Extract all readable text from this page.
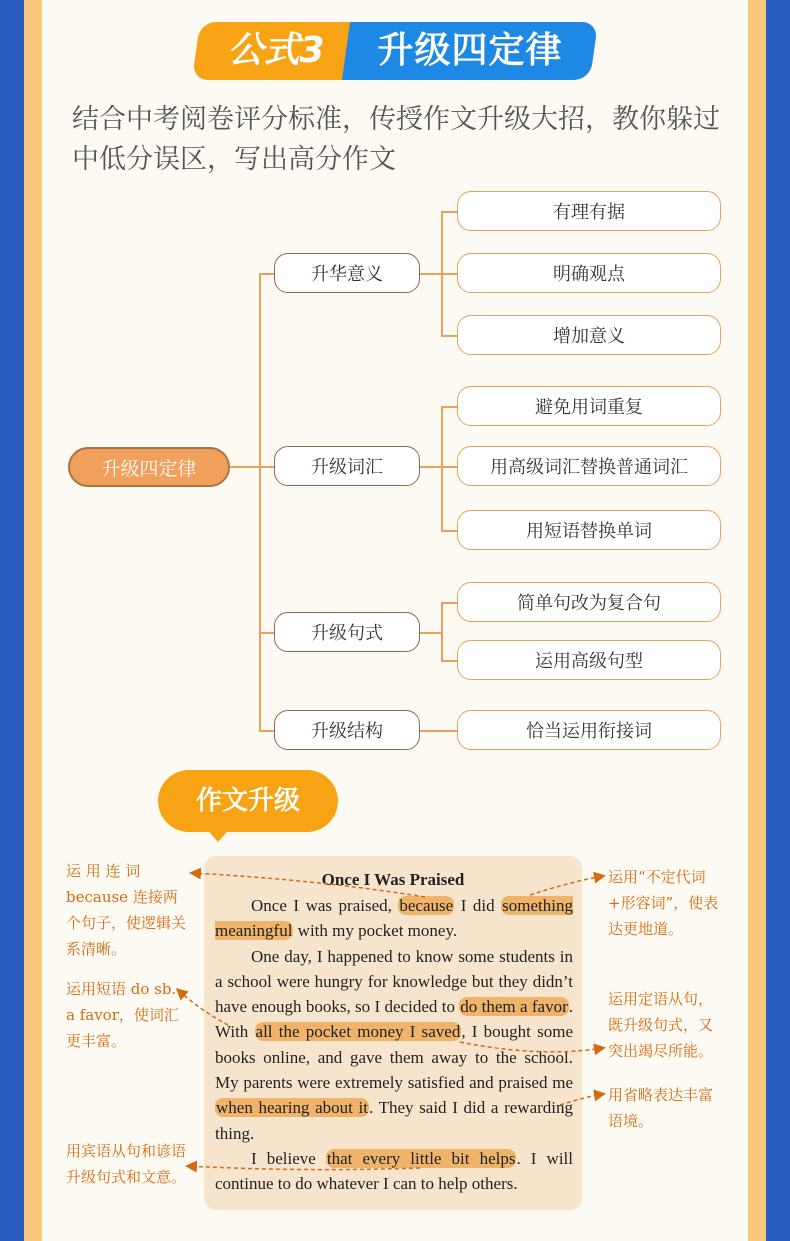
公式3	升级四定律
结合中考阅卷评分标准，传授作文升级大招，教你躲过中低分误区，写出高分作文
升级四定律
升华意义
有理有据
明确观点
增加意义
升级词汇
避免用词重复
用高级词汇替换普通词汇
用短语替换单词
升级句式
简单句改为复合句
运用高级句型
升级结构	恰当运用衔接词
作文升级
Once I Was Praised

Once I was praised, because I did something meaningful with my pocket money.

One day, I happened to know some students in a school were hungry for knowledge but they didn’t have enough books, so I decided to do them a favor. With all the pocket money I saved, I bought some books online, and gave them away to the school. My parents were extremely satisfied and praised me when hearing about it. They said I did a rewarding thing.

I believe that every little bit helps. I will continue to do whatever I can to help others.

运 用 连 词 because 连接两个句子，使逻辑关系清晰。
运用短语 do sb. a favor，使词汇更丰富。
用宾语从句和谚语升级句式和文意。
运用“不定代词+形容词”，使表达更地道。
运用定语从句，既升级句式，又突出竭尽所能。
用省略表达丰富语境。
